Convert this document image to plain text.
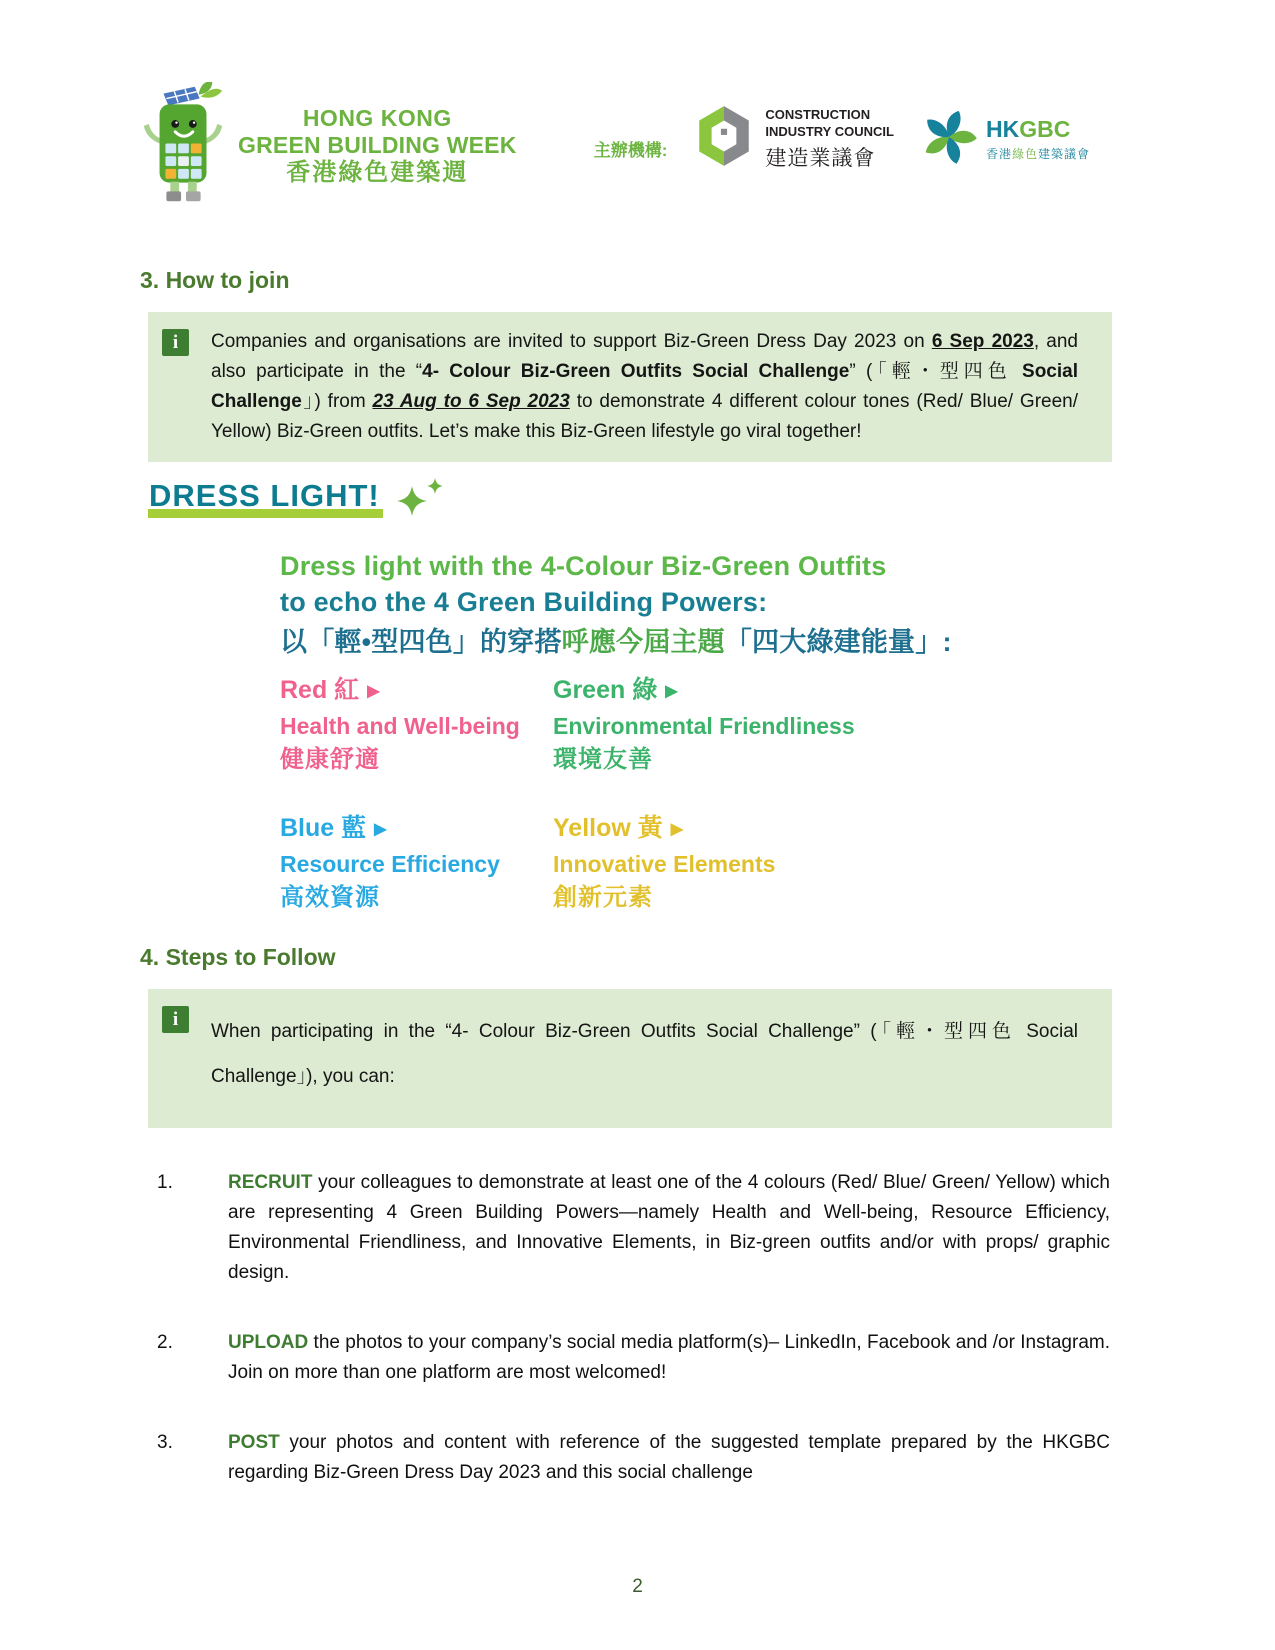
HONG KONG
GREEN BUILDING WEEK
香港綠色建築週
主辦機構:
CONSTRUCTION
INDUSTRY COUNCIL
建造業議會
HKGBC
香港綠色建築議會
3. How to join
i	Companies and organisations are invited to support Biz-Green Dress Day 2023 on 6 Sep 2023, and also participate in the “4- Colour Biz-Green Outfits Social Challenge” (「輕・型四色 Social Challenge」) from 23 Aug to 6 Sep 2023 to demonstrate 4 different colour tones (Red/ Blue/ Green/ Yellow) Biz-Green outfits. Let’s make this Biz-Green lifestyle go viral together!
DRESS LIGHT!
Dress light with the 4-Colour Biz-Green Outfits
to echo the 4 Green Building Powers:
以「輕•型四色」的穿搭呼應今屆主題「四大綠建能量」:
Red 紅 ▶
Health and Well-being
健康舒適
Green 綠 ▶
Environmental Friendliness
環境友善
Blue 藍 ▶
Resource Efficiency
高效資源
Yellow 黃 ▶
Innovative Elements
創新元素
4. Steps to Follow
i
When participating in the “4- Colour Biz-Green Outfits Social Challenge” (「輕・型四色 Social Challenge」), you can:
1.	RECRUIT your colleagues to demonstrate at least one of the 4 colours (Red/ Blue/ Green/ Yellow) which are representing 4 Green Building Powers—namely Health and Well-being, Resource Efficiency, Environmental Friendliness, and Innovative Elements, in Biz-green outfits and/or with props/ graphic design.
2.	UPLOAD the photos to your company’s social media platform(s)– LinkedIn, Facebook and /or Instagram. Join on more than one platform are most welcomed!
3.	POST your photos and content with reference of the suggested template prepared by the HKGBC regarding Biz-Green Dress Day 2023 and this social challenge
2
